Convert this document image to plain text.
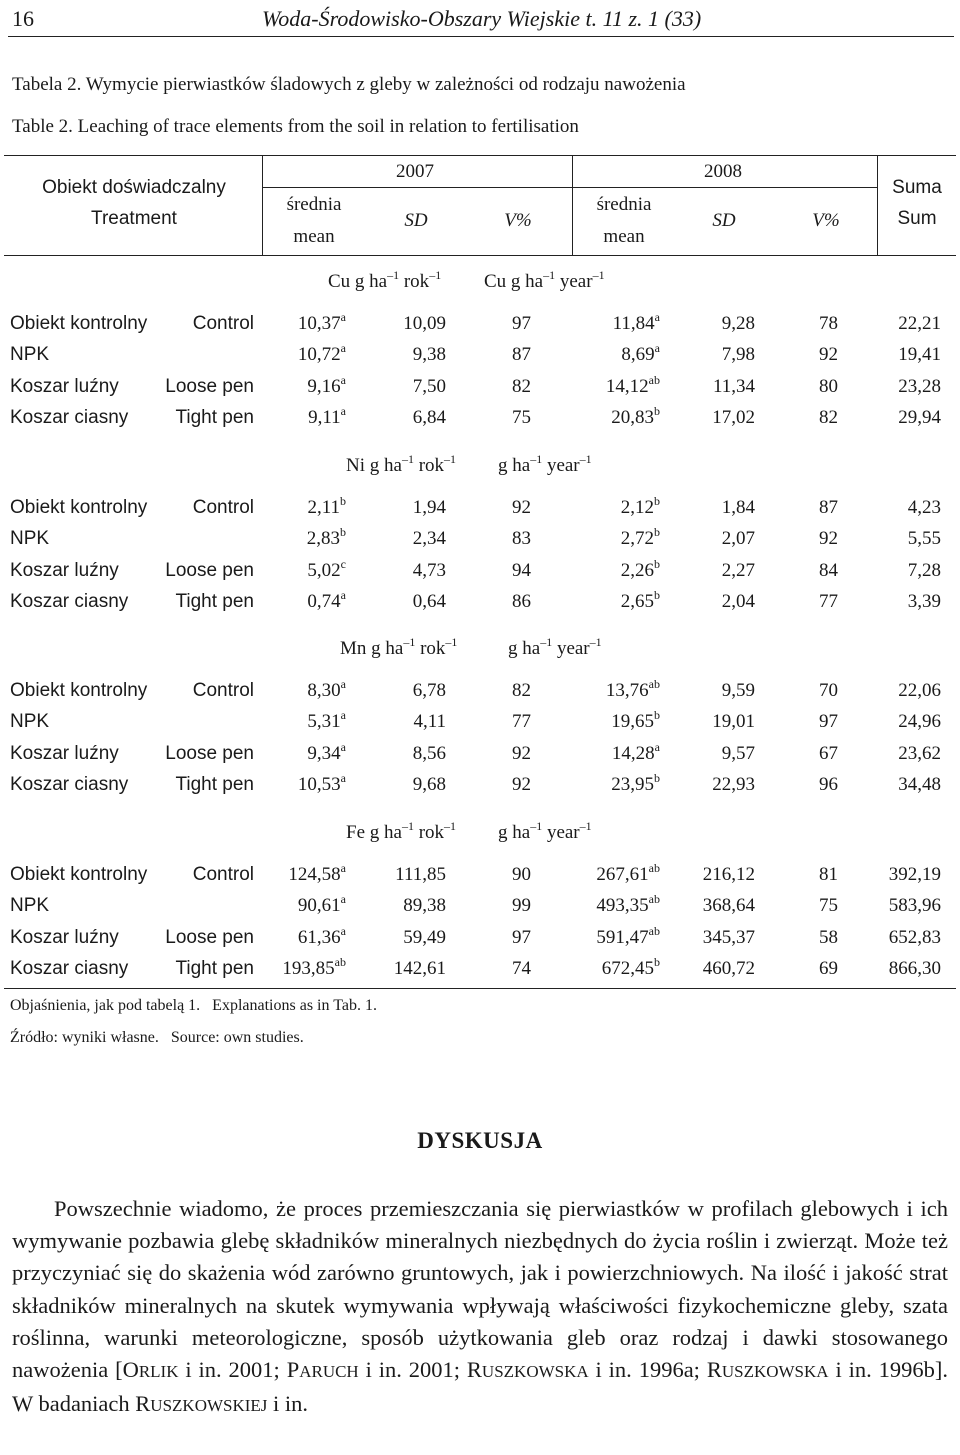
16	Woda-Środowisko-Obszary Wiejskie t. 11 z. 1 (33)
Tabela 2. Wymycie pierwiastków śladowych z gleby w zależności od rodzaju nawożenia
Table 2. Leaching of trace elements from the soil in relation to fertilisation
Obiekt doświadczalny
Treatment
2007	2008
średnia
mean
SD	V%
średnia
mean
SD	V%
Suma
Sum
Cu g $ha^{-1}$ rok$^{-1}$ Cu g $ha^{-1}$ year$^{-1}$
Obiekt kontrolny Control 10,37$^a$	10,09	97	11,84$^a$	9,28	78	22,21
NPK	10,72$^a$	9,38	87	8,69$^a$	7,98	92	19,41
Koszar luźny Loose pen	9,16$^a$	7,50	82	14,12$^{ab}$	11,34	80	23,28
Koszar ciasny Tight pen	9,11$^a$	6,84	75	20,83$^b$	17,02	82	29,94
Ni g $ha^{-1}$ rok$^{-1}$ g $ha^{-1}$ year$^{-1}$
Obiekt kontrolny Control	2,11$^b$	1,94	92	2,12$^b$	1,84	87	4,23
NPK	2,83$^b$	2,34	83	2,72$^b$	2,07	92	5,55
Koszar luźny Loose pen	5,02$^c$	4,73	94	2,26$^b$	2,27	84	7,28
Koszar ciasny Tight pen	0,74$^a$	0,64	86	2,65$^b$	2,04	77	3,39
Mn g $ha^{-1}$ rok$^{-1}$	g $ha^{-1}$ year$^{-1}$
Obiekt kontrolny Control	8,30$^a$	6,78	82	13,76$^{ab}$	9,59	70	22,06
NPK	5,31$^a$	4,11	77	19,65$^b$	19,01	97	24,96
Koszar luźny Loose pen	9,34$^a$	8,56	92	14,28$^a$	9,57	67	23,62
Koszar ciasny Tight pen 10,53$^a$	9,68	92	23,95$^b$	22,93	96	34,48
Fe g $ha^{-1}$ rok$^{-1}$ g $ha^{-1}$ year$^{-1}$
Obiekt kontrolny Control 124,58$^a$	111,85	90	267,61$^{ab}$ 216,12	81	392,19
NPK	90,61$^a$	89,38	99	493,35$^{ab}$ 368,64	75	583,96
Koszar luźny Loose pen 61,36$^a$	59,49	97	591,47$^{ab}$ 345,37	58	652,83
Koszar ciasny Tight pen 193,85$^{ab}$	142,61	74	672,45$^b$ 460,72	69	866,30
Objaśnienia, jak pod tabelą 1. Explanations as in Tab. 1.
Źródło: wyniki własne. Source: own studies.
DYSKUSJA

Powszechnie wiadomo, że proces przemieszczania się pierwiastków w profilach glebowych i ich wymywanie pozbawia glebę składników mineralnych niezbędnych do życia roślin i zwierząt. Może też przyczyniać się do skażenia wód zarówno gruntowych, jak i powierzchniowych. Na ilość i jakość strat składników mineralnych na skutek wymywania wpływają właściwości fizykochemiczne gleby, szata roślinna, warunki meteorologiczne, sposób użytkowania gleb oraz rodzaj i dawki stosowanego nawożenia [ORLIK i in. 2001; PARUCH i in. 2001; RUSZKOWSKA i in. 1996a; RUSZKOWSKA i in. 1996b]. W badaniach RUSZKOWSKIEJ i in.
